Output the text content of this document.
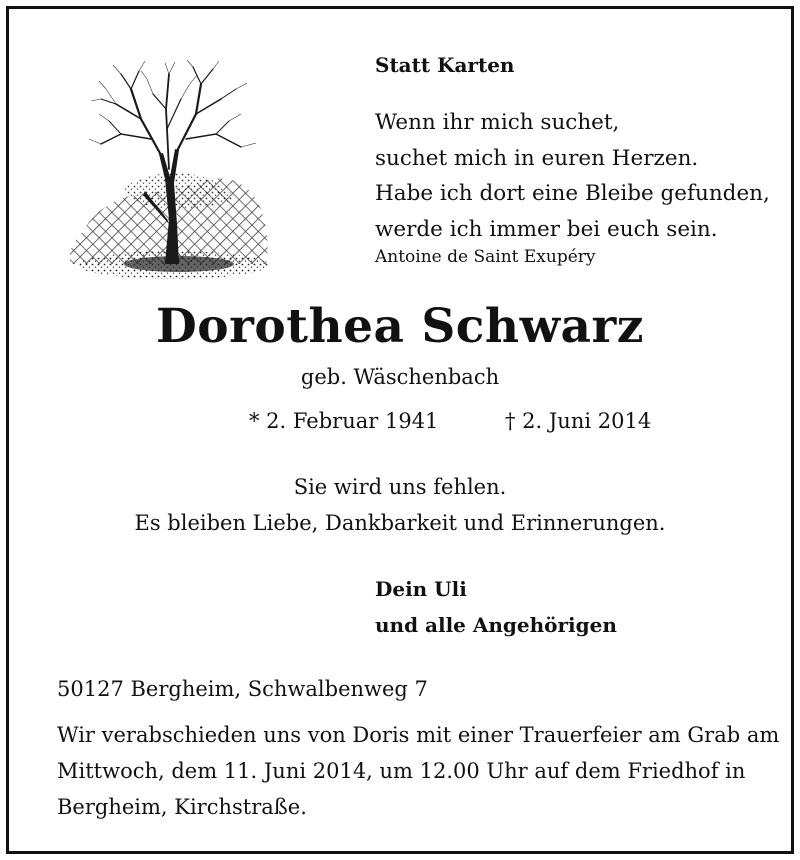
Statt Karten
Wenn ihr mich suchet,
suchet mich in euren Herzen.
Habe ich dort eine Bleibe gefunden,
werde ich immer bei euch sein.
Antoine de Saint Exupéry
Dorothea Schwarz
geb. Wäschenbach
* 2. Februar 1941	† 2. Juni 2014
Sie wird uns fehlen.
Es bleiben Liebe, Dankbarkeit und Erinnerungen.
Dein Uli
und alle Angehörigen
50127 Bergheim, Schwalbenweg 7
Wir verabschieden uns von Doris mit einer Trauerfeier am Grab am
Mittwoch, dem 11. Juni 2014, um 12.00 Uhr auf dem Friedhof in
Bergheim, Kirchstraße.
